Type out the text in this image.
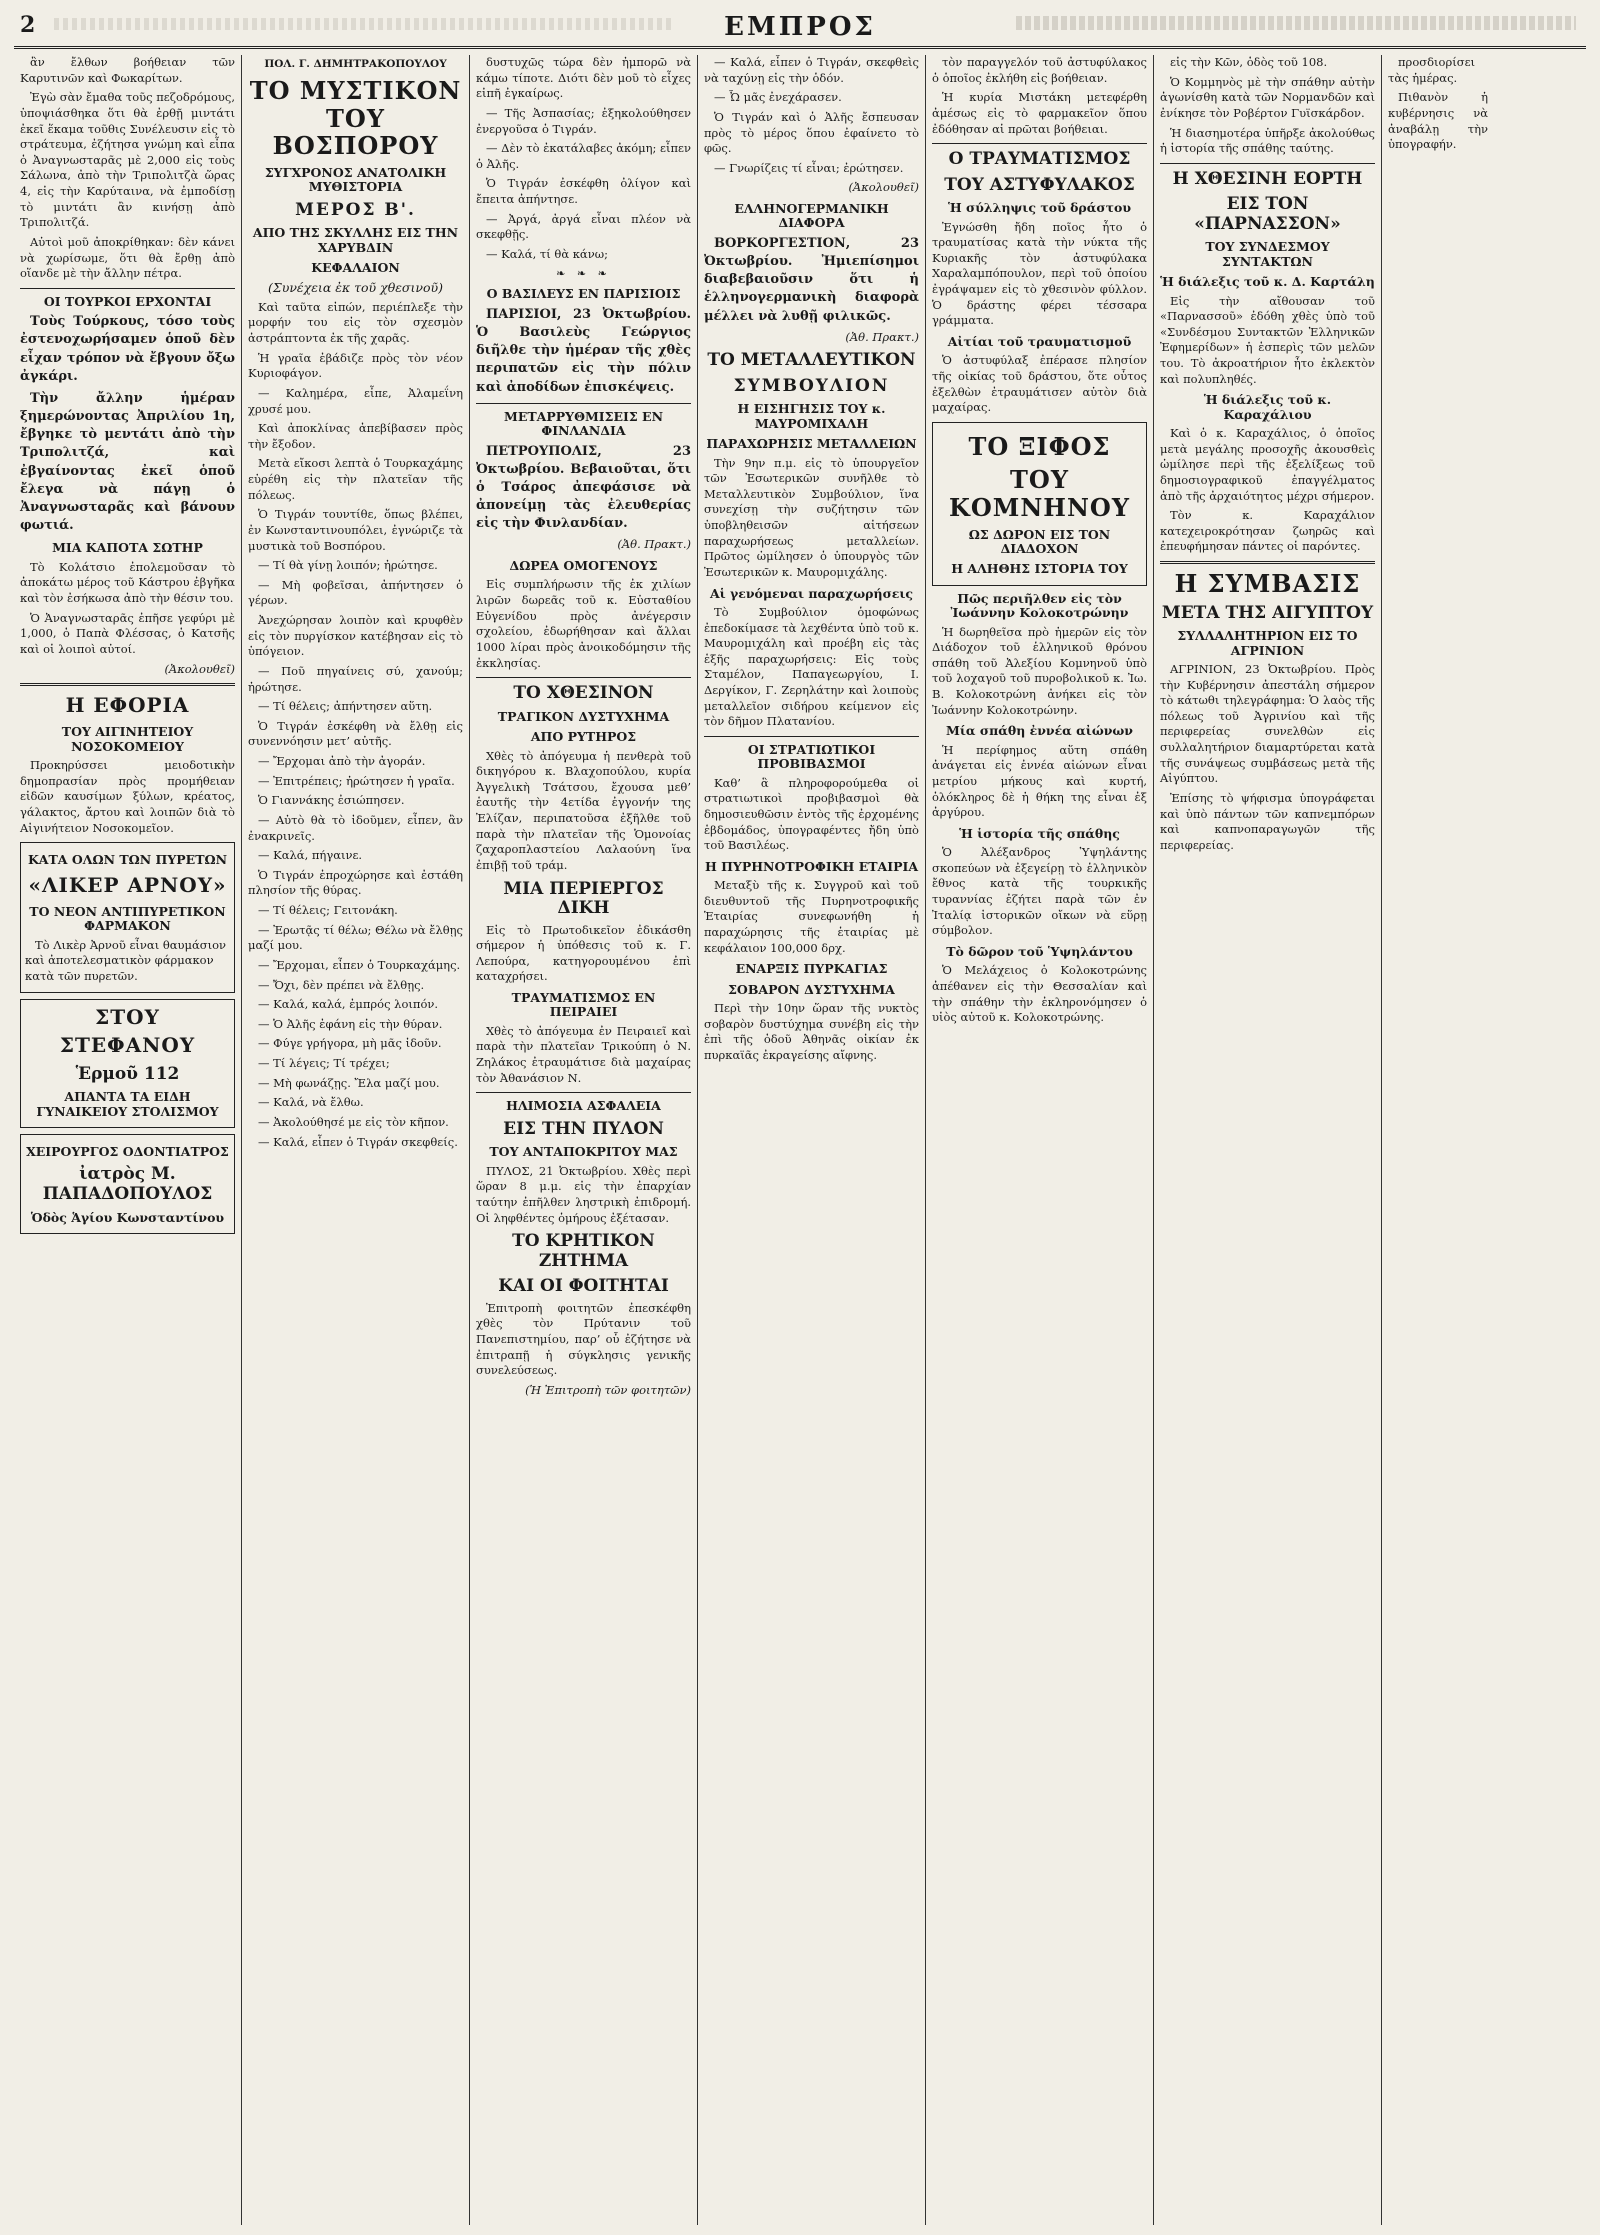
2	ΕΜΠΡΟΣ

ἂν ἔλθων βοήθειαν τῶν Καρυτινῶν καὶ Φωκαρίτων.

Ἐγὼ σὰν ἔμαθα τοῦς πεζοδρόμους, ὑποψιάσθηκα ὅτι θὰ ἐρθῇ μιντάτι ἐκεῖ ἕκαμα τοῦθις Συνέλευσιν εἰς τὸ στράτευμα, ἐζήτησα γνώμη καὶ εἶπα ὁ Ἀναγνωσταρᾶς μὲ 2,000 εἰς τοὺς Σάλωνα, ἀπὸ τὴν Τριπολιτζὰ ὥρας 4, εἰς τὴν Καρύταινα, νὰ ἐμποδίσῃ τὸ μιντάτι ἂν κινήσῃ ἀπὸ Τριπολιτζά.

Αὐτοὶ μοῦ ἀποκρίθηκαν: δὲν κάνει νὰ χωρίσωμε, ὅτι θὰ ἔρθῃ ἀπὸ οἵανδε μὲ τὴν ἄλλην πέτρα.

ΟΙ ΤΟΥΡΚΟΙ ΕΡΧΟΝΤΑΙ

Τοὺς Τούρκους, τόσο τοὺς ἐστενοχωρήσαμεν ὁποῦ δὲν εἶχαν τρόπον νὰ ἔβγουν ὄξω ἀγκάρι.

Τὴν ἄλλην ἡμέραν ξημερώνοντας Ἀπριλίου 1η, ἔβγηκε τὸ μεντάτι ἀπὸ τὴν Τριπολιτζά, καὶ ἐβγαίνοντας ἐκεῖ ὁποῦ ἔλεγα νὰ πάγῃ ὁ Ἀναγνωσταρᾶς καὶ βάνουν φωτιά.

ΜΙΑ ΚΑΠΟΤΑ ΣΩΤΗΡ

Τὸ Κολάτσιο ἐπολεμοῦσαν τὸ ἀποκάτω μέρος τοῦ Κάστρου ἐβγῆκα καὶ τὸν ἐσήκωσα ἀπὸ τὴν θέσιν του.

Ὁ Ἀναγνωσταρᾶς ἐπῆσε γεφύρι μὲ 1,000, ὁ Παπὰ Φλέσσας, ὁ Κατσῆς καὶ οἱ λοιποὶ αὐτοί.

(Ἀκολουθεῖ)
Η ΕΦΟΡΙΑ
ΤΟΥ ΑΙΓΙΝΗΤΕΙΟΥ ΝΟΣΟΚΟΜΕΙΟΥ

Προκηρύσσει μειοδοτικὴν δημοπρασίαν πρὸς προμήθειαν εἰδῶν καυσίμων ξύλων, κρέατος, γάλακτος, ἄρτου καὶ λοιπῶν διὰ τὸ Αἰγινήτειον Νοσοκομεῖον.

ΚΑΤΑ ΟΛΩΝ ΤΩΝ ΠΥΡΕΤΩΝ
«ΛΙΚΕΡ ΑΡΝΟΥ»
ΤΟ ΝΕΟΝ ΑΝΤΙΠΥΡΕΤΙΚΟΝ ΦΑΡΜΑΚΟΝ

Τὸ Λικὲρ Ἀρνοῦ εἶναι θαυμάσιον καὶ ἀποτελεσματικὸν φάρμακον κατὰ τῶν πυρετῶν.

ΣΤΟΥ ΣΤΕΦΑΝΟΥ
Ἑρμοῦ 112
ΑΠΑΝΤΑ ΤΑ ΕΙΔΗ ΓΥΝΑΙΚΕΙΟΥ ΣΤΟΛΙΣΜΟΥ
ΧΕΙΡΟΥΡΓΟΣ ΟΔΟΝΤΙΑΤΡΟΣ
ἰατρὸς Μ. ΠΑΠΑΔΟΠΟΥΛΟΣ
Ὁδὸς Ἁγίου Κωνσταντίνου
ΠΟΛ. Γ. ΔΗΜΗΤΡΑΚΟΠΟΥΛΟΥ
ΤΟ ΜΥΣΤΙΚΟΝ ΤΟΥ ΒΟΣΠΟΡΟΥ
ΣΥΓΧΡΟΝΟΣ ΑΝΑΤΟΛΙΚΗ ΜΥΘΙΣΤΟΡΙΑ
ΜΕΡΟΣ Β'.
ΑΠΟ ΤΗΣ ΣΚΥΛΛΗΣ ΕΙΣ ΤΗΝ ΧΑΡΥΒΔΙΝ
ΚΕΦΑΛΑΙΟΝ
(Συνέχεια ἐκ τοῦ χθεσινοῦ)

Καὶ ταῦτα εἰπών, περιέπλεξε τὴν μορφήν του εἰς τὸν σχεσμὸν ἀστράπτοντα ἐκ τῆς χαρᾶς.

Ἡ γραῖα ἐβάδιζε πρὸς τὸν νέον Κυριοφάγον.

— Καλημέρα, εἶπε, Ἀλαμεΐνη χρυσέ μου.

Καὶ ἀποκλίνας ἀπεβίβασεν πρὸς τὴν ἔξοδον.

Μετὰ εἴκοσι λεπτὰ ὁ Τουρκαχάμης εὑρέθη εἰς τὴν πλατεῖαν τῆς πόλεως.

Ὁ Τιγράν τουντίθε, ὅπως βλέπει, ἐν Κωνσταντινουπόλει, ἐγνώριζε τὰ μυστικὰ τοῦ Βοσπόρου.

— Τί θὰ γίνῃ λοιπόν; ἠρώτησε.

— Μὴ φοβεῖσαι, ἀπήντησεν ὁ γέρων.

Ἀνεχώρησαν λοιπὸν καὶ κρυφθὲν εἰς τὸν πυργίσκον κατέβησαν εἰς τὸ ὑπόγειον.

— Ποῦ πηγαίνεις σύ, χανούμ; ἠρώτησε.

— Τί θέλεις; ἀπήντησεν αὕτη.

Ὁ Τιγράν ἐσκέφθη νὰ ἔλθῃ εἰς συνεννόησιν μετ’ αὐτῆς.

— Ἔρχομαι ἀπὸ τὴν ἀγοράν.

— Ἐπιτρέπεις; ἠρώτησεν ἡ γραῖα.

Ὁ Γιαννάκης ἐσιώπησεν.

— Αὐτὸ θὰ τὸ ἰδοῦμεν, εἶπεν, ἂν ἐνακρινεῖς.

— Καλά, πήγαινε.

Ὁ Τιγράν ἐπροχώρησε καὶ ἐστάθη πλησίον τῆς θύρας.

— Τί θέλεις; Γειτονάκη.

— Ἐρωτᾷς τί θέλω; Θέλω νὰ ἔλθῃς μαζί μου.

— Ἔρχομαι, εἶπεν ὁ Τουρκαχάμης.

— Ὄχι, δὲν πρέπει νὰ ἔλθῃς.

— Καλά, καλά, ἐμπρός λοιπόν.

— Ὁ Ἀλῆς ἐφάνη εἰς τὴν θύραν.

— Φύγε γρήγορα, μὴ μᾶς ἰδοῦν.

— Τί λέγεις; Τί τρέχει;

— Μὴ φωνάζῃς. Ἔλα μαζί μου.

— Καλά, νὰ ἔλθω.

— Ἀκολούθησέ με εἰς τὸν κῆπον.

— Καλά, εἶπεν ὁ Τιγράν σκεφθείς.

δυστυχῶς τώρα δὲν ἠμπορῶ νὰ κάμω τίποτε. Διότι δὲν μοῦ τὸ εἶχες εἰπῆ ἐγκαίρως.

— Τῆς Ἀσπασίας; ἐξηκολούθησεν ἐνεργοῦσα ὁ Τιγράν.

— Δὲν τὸ ἐκατάλαβες ἀκόμη; εἶπεν ὁ Ἀλῆς.

Ὁ Τιγράν ἐσκέφθη ὀλίγον καὶ ἔπειτα ἀπήντησε.

— Ἀργά, ἀργά εἶναι πλέον νὰ σκεφθῇς.

— Καλά, τί θὰ κάνω;

❧ ❧ ❧
Ο ΒΑΣΙΛΕΥΣ ΕΝ ΠΑΡΙΣΙΟΙΣ

ΠΑΡΙΣΙΟΙ, 23 Ὀκτωβρίου. Ὁ Βασιλεὺς Γεώργιος διῆλθε τὴν ἡμέραν τῆς χθὲς περιπατῶν εἰς τὴν πόλιν καὶ ἀποδίδων ἐπισκέψεις.

ΜΕΤΑΡΡΥΘΜΙΣΕΙΣ ΕΝ ΦΙΝΛΑΝΔΙΑ

ΠΕΤΡΟΥΠΟΛΙΣ, 23 Ὀκτωβρίου. Βεβαιοῦται, ὅτι ὁ Τσάρος ἀπεφάσισε νὰ ἀπονείμῃ τὰς ἐλευθερίας εἰς τὴν Φινλανδίαν.

(Ἀθ. Πρακτ.)
ΔΩΡΕΑ ΟΜΟΓΕΝΟΥΣ

Εἰς συμπλήρωσιν τῆς ἐκ χιλίων λιρῶν δωρεᾶς τοῦ κ. Εὐσταθίου Εὐγενίδου πρὸς ἀνέγερσιν σχολείου, ἐδωρήθησαν καὶ ἄλλαι 1000 λίραι πρὸς ἀνοικοδόμησιν τῆς ἐκκλησίας.

ΤΟ ΧΘΕΣΙΝΟΝ
ΤΡΑΓΙΚΟΝ ΔΥΣΤΥΧΗΜΑ
ΑΠΟ ΡΥΤΗΡΟΣ

Χθὲς τὸ ἀπόγευμα ἡ πενθερὰ τοῦ δικηγόρου κ. Βλαχοπούλου, κυρία Ἀγγελικὴ Τσάτσου, ἔχουσα μεθ’ ἑαυτῆς τὴν 4ετίδα ἐγγονήν της Ἐλίζαν, περιπατοῦσα ἐξῆλθε τοῦ παρὰ τὴν πλατεῖαν τῆς Ὁμονοίας ζαχαροπλαστείου Λαλαούνη ἵνα ἐπιβῇ τοῦ τράμ.

ΜΙΑ ΠΕΡΙΕΡΓΟΣ ΔΙΚΗ

Εἰς τὸ Πρωτοδικεῖον ἐδικάσθη σήμερον ἡ ὑπόθεσις τοῦ κ. Γ. Λεπούρα, κατηγορουμένου ἐπὶ καταχρήσει.

ΤΡΑΥΜΑΤΙΣΜΟΣ ΕΝ ΠΕΙΡΑΙΕΙ

Χθὲς τὸ ἀπόγευμα ἐν Πειραιεῖ καὶ παρὰ τὴν πλατεῖαν Τρικούπη ὁ Ν. Ζηλάκος ἐτραυμάτισε διὰ μαχαίρας τὸν Ἀθανάσιον Ν.

ΗΛΙΜΟΣΙΑ ΑΣΦΑΛΕΙΑ
ΕΙΣ ΤΗΝ ΠΥΛΟΝ
ΤΟΥ ΑΝΤΑΠΟΚΡΙΤΟΥ ΜΑΣ

ΠΥΛΟΣ, 21 Ὀκτωβρίου. Χθὲς περὶ ὥραν 8 μ.μ. εἰς τὴν ἐπαρχίαν ταύτην ἐπῆλθεν ληστρικὴ ἐπιδρομή. Οἱ ληφθέντες ὁμήρους ἐξέτασαν.

ΤΟ ΚΡΗΤΙΚΟΝ ΖΗΤΗΜΑ
ΚΑΙ ΟΙ ΦΟΙΤΗΤΑΙ

Ἐπιτροπὴ φοιτητῶν ἐπεσκέφθη χθὲς τὸν Πρύτανιν τοῦ Πανεπιστημίου, παρ’ οὗ ἐζήτησε νὰ ἐπιτραπῇ ἡ σύγκλησις γενικῆς συνελεύσεως.

(Ἡ Ἐπιτροπὴ τῶν φοιτητῶν)

— Καλά, εἶπεν ὁ Τιγράν, σκεφθεὶς νὰ ταχύνῃ εἰς τὴν ὁδόν.

— Ὦ μᾶς ἐνεχάρασεν.

Ὁ Τιγράν καὶ ὁ Ἀλῆς ἔσπευσαν πρὸς τὸ μέρος ὅπου ἐφαίνετο τὸ φῶς.

— Γνωρίζεις τί εἶναι; ἐρώτησεν.

(Ἀκολουθεῖ)
ΕΛΛΗΝΟΓΕΡΜΑΝΙΚΗ ΔΙΑΦΟΡΑ

ΒΟΡΚΟΡΓΕΣΤΙΟΝ, 23 Ὀκτωβρίου. Ἠμιεπίσημοι διαβεβαιοῦσιν ὅτι ἡ ἑλληνογερμανικὴ διαφορὰ μέλλει νὰ λυθῇ φιλικῶς.

(Ἀθ. Πρακτ.)
ΤΟ ΜΕΤΑΛΛΕΥΤΙΚΟΝ
ΣΥΜΒΟΥΛΙΟΝ
Η ΕΙΣΗΓΗΣΙΣ ΤΟΥ κ. ΜΑΥΡΟΜΙΧΑΛΗ
ΠΑΡΑΧΩΡΗΣΙΣ ΜΕΤΑΛΛΕΙΩΝ

Τὴν 9ην π.μ. εἰς τὸ ὑπουργεῖον τῶν Ἐσωτερικῶν συνῆλθε τὸ Μεταλλευτικὸν Συμβούλιον, ἵνα συνεχίσῃ τὴν συζήτησιν τῶν ὑποβληθεισῶν αἰτήσεων παραχωρήσεως μεταλλείων. Πρῶτος ὡμίλησεν ὁ ὑπουργὸς τῶν Ἐσωτερικῶν κ. Μαυρομιχάλης.

Αἱ γενόμεναι παραχωρήσεις

Τὸ Συμβούλιον ὁμοφώνως ἐπεδοκίμασε τὰ λεχθέντα ὑπὸ τοῦ κ. Μαυρομιχάλη καὶ προέβη εἰς τὰς ἑξῆς παραχωρήσεις: Εἰς τοὺς Σταμέλον, Παπαγεωργίου, Ι. Δεργίκον, Γ. Ζερηλάτην καὶ λοιποὺς μεταλλεῖον σιδήρου κείμενον εἰς τὸν δῆμον Πλατανίου.

ΟΙ ΣΤΡΑΤΙΩΤΙΚΟΙ ΠΡΟΒΙΒΑΣΜΟΙ

Καθ’ ἃ πληροφορούμεθα οἱ στρατιωτικοὶ προβιβασμοὶ θὰ δημοσιευθῶσιν ἐντὸς τῆς ἐρχομένης ἑβδομάδος, ὑπογραφέντες ἤδη ὑπὸ τοῦ Βασιλέως.

Η ΠΥΡΗΝΟΤΡΟΦΙΚΗ ΕΤΑΙΡΙΑ

Μεταξὺ τῆς κ. Συγγροῦ καὶ τοῦ διευθυντοῦ τῆς Πυρηνοτροφικῆς Ἑταιρίας συνεφωνήθη ἡ παραχώρησις τῆς ἑταιρίας μὲ κεφάλαιον 100,000 δρχ.

ΕΝΑΡΞΙΣ ΠΥΡΚΑΓΙΑΣ
ΣΟΒΑΡΟΝ ΔΥΣΤΥΧΗΜΑ

Περὶ τὴν 10ην ὥραν τῆς νυκτὸς σοβαρὸν δυστύχημα συνέβη εἰς τὴν ἐπὶ τῆς ὁδοῦ Ἀθηνᾶς οἰκίαν ἐκ πυρκαϊᾶς ἐκραγείσης αἴφνης.

τὸν παραγγελόν τοῦ ἀστυφύλακος ὁ ὁποῖος ἐκλήθη εἰς βοήθειαν.

Ἡ κυρία Μιστάκη μετεφέρθη ἀμέσως εἰς τὸ φαρμακεῖον ὅπου ἐδόθησαν αἱ πρῶται βοήθειαι.

Ο ΤΡΑΥΜΑΤΙΣΜΟΣ
ΤΟΥ ΑΣΤΥΦΥΛΑΚΟΣ
Ἡ σύλληψις τοῦ δράστου

Ἐγνώσθη ἤδη ποῖος ἦτο ὁ τραυματίσας κατὰ τὴν νύκτα τῆς Κυριακῆς τὸν ἀστυφύλακα Χαραλαμπόπουλον, περὶ τοῦ ὁποίου ἐγράψαμεν εἰς τὸ χθεσινὸν φύλλον. Ὁ δράστης φέρει τέσσαρα γράμματα.

Αἰτίαι τοῦ τραυματισμοῦ

Ὁ ἀστυφύλαξ ἐπέρασε πλησίον τῆς οἰκίας τοῦ δράστου, ὅτε οὗτος ἐξελθὼν ἐτραυμάτισεν αὐτὸν διὰ μαχαίρας.

ΤΟ ΞΙΦΟΣ
ΤΟΥ ΚΟΜΝΗΝΟΥ
ΩΣ ΔΩΡΟΝ ΕΙΣ ΤΟΝ ΔΙΑΔΟΧΟΝ
Η ΑΛΗΘΗΣ ΙΣΤΟΡΙΑ ΤΟΥ
Πῶς περιῆλθεν εἰς τὸν Ἰωάννην Κολοκοτρώνην

Ἡ δωρηθεῖσα πρὸ ἡμερῶν εἰς τὸν Διάδοχον τοῦ ἑλληνικοῦ θρόνου σπάθη τοῦ Ἀλεξίου Κομνηνοῦ ὑπὸ τοῦ λοχαγοῦ τοῦ πυροβολικοῦ κ. Ἰω. Β. Κολοκοτρώνη ἀνήκει εἰς τὸν Ἰωάννην Κολοκοτρώνην.

Μία σπάθη ἐννέα αἰώνων

Ἡ περίφημος αὕτη σπάθη ἀνάγεται εἰς ἐννέα αἰώνων εἶναι μετρίου μήκους καὶ κυρτή, ὁλόκληρος δὲ ἡ θήκη της εἶναι ἐξ ἀργύρου.

Ἡ ἱστορία τῆς σπάθης

Ὁ Ἀλέξανδρος Ὑψηλάντης σκοπεύων νὰ ἐξεγείρῃ τὸ ἑλληνικὸν ἔθνος κατὰ τῆς τουρκικῆς τυραννίας ἐζήτει παρὰ τῶν ἐν Ἰταλίᾳ ἱστορικῶν οἴκων νὰ εὕρῃ σύμβολον.

Τὸ δῶρον τοῦ Ὑψηλάντου

Ὁ Μελάχειος ὁ Κολοκοτρώνης ἀπέθανεν εἰς τὴν Θεσσαλίαν καὶ τὴν σπάθην τὴν ἐκληρονόμησεν ὁ υἱὸς αὐτοῦ κ. Κολοκοτρώνης.

εἰς τὴν Κῶν, ὁδὸς τοῦ 108.

Ὁ Κομμηνὸς μὲ τὴν σπάθην αὐτὴν ἀγωνίσθη κατὰ τῶν Νορμανδῶν καὶ ἐνίκησε τὸν Ροβέρτον Γυϊσκάρδον.

Ἡ διασημοτέρα ὑπῆρξε ἀκολούθως ἡ ἱστορία τῆς σπάθης ταύτης.

Η ΧΘΕΣΙΝΗ ΕΟΡΤΗ
ΕΙΣ ΤΟΝ «ΠΑΡΝΑΣΣΟΝ»
ΤΟΥ ΣΥΝΔΕΣΜΟΥ ΣΥΝΤΑΚΤΩΝ
Ἡ διάλεξις τοῦ κ. Δ. Καρτάλη

Εἰς τὴν αἴθουσαν τοῦ «Παρνασσοῦ» ἐδόθη χθὲς ὑπὸ τοῦ «Συνδέσμου Συντακτῶν Ἑλληνικῶν Ἐφημερίδων» ἡ ἑσπερὶς τῶν μελῶν του. Τὸ ἀκροατήριον ἦτο ἐκλεκτὸν καὶ πολυπληθές.

Ἡ διάλεξις τοῦ κ. Καραχάλιου

Καὶ ὁ κ. Καραχάλιος, ὁ ὁποῖος μετὰ μεγάλης προσοχῆς ἀκουσθεὶς ὡμίλησε περὶ τῆς ἐξελίξεως τοῦ δημοσιογραφικοῦ ἐπαγγέλματος ἀπὸ τῆς ἀρχαιότητος μέχρι σήμερον.

Τὸν κ. Καραχάλιον κατεχειροκρότησαν ζωηρῶς καὶ ἐπευφήμησαν πάντες οἱ παρόντες.

Η ΣΥΜΒΑΣΙΣ
ΜΕΤΑ ΤΗΣ ΑΙΓΥΠΤΟΥ
ΣΥΛΛΑΛΗΤΗΡΙΟΝ ΕΙΣ ΤΟ ΑΓΡΙΝΙΟΝ

ΑΓΡΙΝΙΟΝ, 23 Ὀκτωβρίου. Πρὸς τὴν Κυβέρνησιν ἀπεστάλη σήμερον τὸ κάτωθι τηλεγράφημα: Ὁ λαὸς τῆς πόλεως τοῦ Ἀγρινίου καὶ τῆς περιφερείας συνελθὼν εἰς συλλαλητήριον διαμαρτύρεται κατὰ τῆς συνάψεως συμβάσεως μετὰ τῆς Αἰγύπτου.

Ἐπίσης τὸ ψήφισμα ὑπογράφεται καὶ ὑπὸ πάντων τῶν καπνεμπόρων καὶ καπνοπαραγωγῶν τῆς περιφερείας.

προσδιορίσει τὰς ἡμέρας.

Πιθανὸν ἡ κυβέρνησις νὰ ἀναβάλῃ τὴν ὑπογραφήν.
